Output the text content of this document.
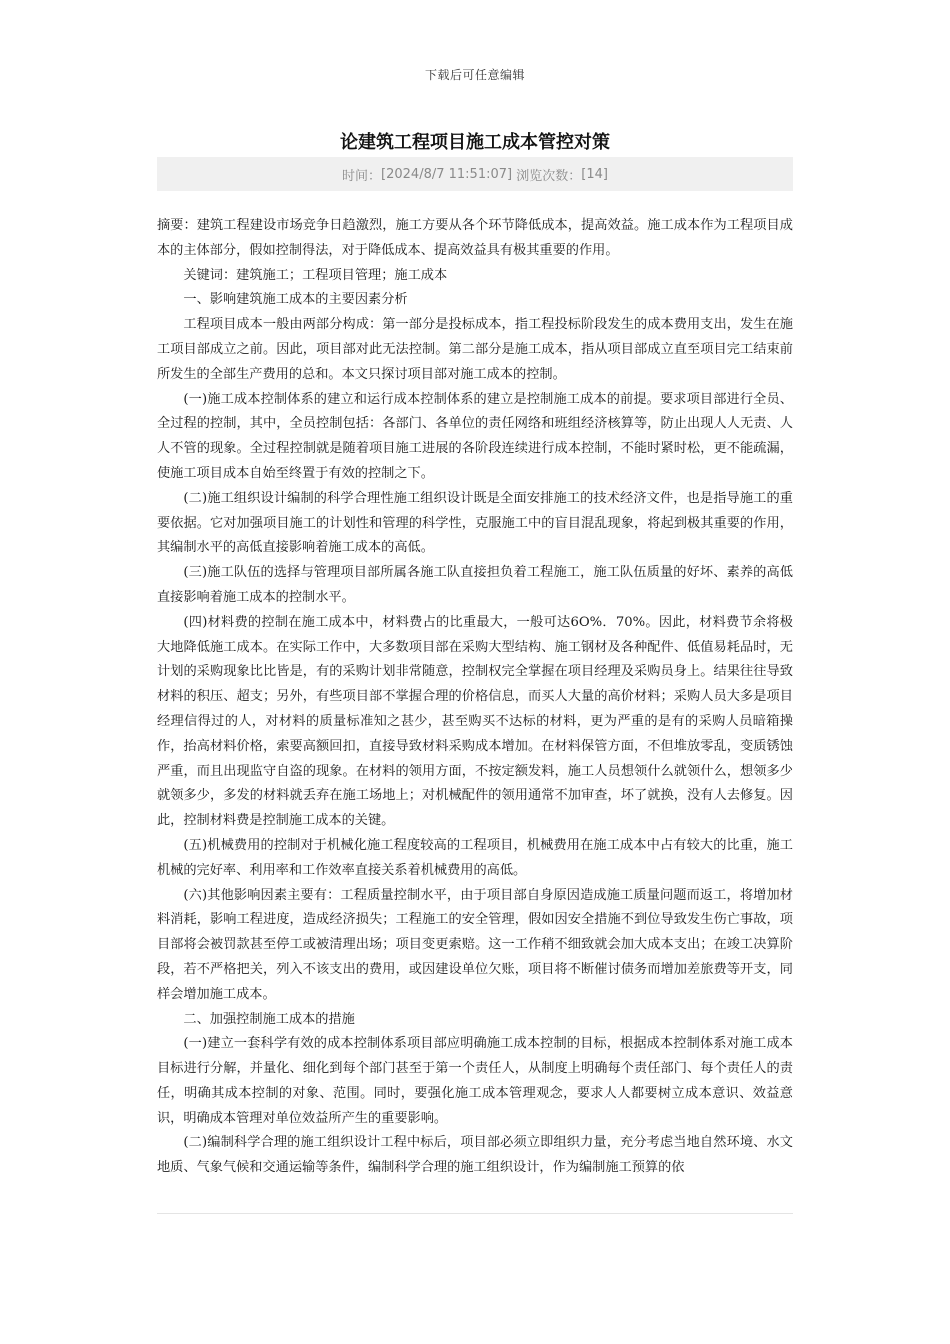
下载后可任意编辑
论建筑工程项目施工成本管控对策
时间： [2024/8/7 11:51:07]
浏览次数： [14]

摘要：建筑工程建设市场竞争日趋激烈，施工方要从各个环节降低成本，提高效益。施工成本作为工程项目成本的主体部分，假如控制得法，对于降低成本、提高效益具有极其重要的作用。

关键词：建筑施工；工程项目管理；施工成本

一、影响建筑施工成本的主要因素分析

工程项目成本一般由两部分构成：第一部分是投标成本，指工程投标阶段发生的成本费用支出，发生在施工项目部成立之前。因此，项目部对此无法控制。第二部分是施工成本，指从项目部成立直至项目完工结束前所发生的全部生产费用的总和。本文只探讨项目部对施工成本的控制。

(一)施工成本控制体系的建立和运行成本控制体系的建立是控制施工成本的前提。要求项目部进行全员、全过程的控制，其中，全员控制包括：各部门、各单位的责任网络和班组经济核算等，防止出现人人无责、人人不管的现象。全过程控制就是随着项目施工进展的各阶段连续进行成本控制，不能时紧时松，更不能疏漏，使施工项目成本自始至终置于有效的控制之下。

(二)施工组织设计编制的科学合理性施工组织设计既是全面安排施工的技术经济文件，也是指导施工的重要依据。它对加强项目施工的计划性和管理的科学性，克服施工中的盲目混乱现象，将起到极其重要的作用，其编制水平的高低直接影响着施工成本的高低。

(三)施工队伍的选择与管理项目部所属各施工队直接担负着工程施工，施工队伍质量的好坏、素养的高低直接影响着施工成本的控制水平。

(四)材料费的控制在施工成本中，材料费占的比重最大，一般可达6O%．70%。因此，材料费节余将极大地降低施工成本。在实际工作中，大多数项目部在采购大型结构、施工钢材及各种配件、低值易耗品时，无计划的采购现象比比皆是，有的采购计划非常随意，控制权完全掌握在项目经理及采购员身上。结果往往导致材料的积压、超支；另外，有些项目部不掌握合理的价格信息，而买人大量的高价材料；采购人员大多是项目经理信得过的人，对材料的质量标准知之甚少，甚至购买不达标的材料，更为严重的是有的采购人员暗箱操作，抬高材料价格，索要高额回扣，直接导致材料采购成本增加。在材料保管方面，不但堆放零乱，变质锈蚀严重，而且出现监守自盗的现象。在材料的领用方面，不按定额发料，施工人员想领什么就领什么，想领多少就领多少，多发的材料就丢弃在施工场地上；对机械配件的领用通常不加审查，坏了就换，没有人去修复。因此，控制材料费是控制施工成本的关键。

(五)机械费用的控制对于机械化施工程度较高的工程项目，机械费用在施工成本中占有较大的比重，施工机械的完好率、利用率和工作效率直接关系着机械费用的高低。

(六)其他影响因素主要有：工程质量控制水平，由于项目部自身原因造成施工质量问题而返工，将增加材料消耗，影响工程进度，造成经济损失；工程施工的安全管理，假如因安全措施不到位导致发生伤亡事故，项目部将会被罚款甚至停工或被清理出场；项目变更索赔。这一工作稍不细致就会加大成本支出；在竣工决算阶段，若不严格把关，列入不该支出的费用，或因建设单位欠账，项目将不断催讨债务而增加差旅费等开支，同样会增加施工成本。

二、加强控制施工成本的措施

(一)建立一套科学有效的成本控制体系项目部应明确施工成本控制的目标，根据成本控制体系对施工成本目标进行分解，并量化、细化到每个部门甚至于第一个责任人，从制度上明确每个责任部门、每个责任人的责任，明确其成本控制的对象、范围。同时，要强化施工成本管理观念，要求人人都要树立成本意识、效益意识，明确成本管理对单位效益所产生的重要影响。

(二)编制科学合理的施工组织设计工程中标后，项目部必须立即组织力量，充分考虑当地自然环境、水文地质、气象气候和交通运输等条件，编制科学合理的施工组织设计，作为编制施工预算的依
